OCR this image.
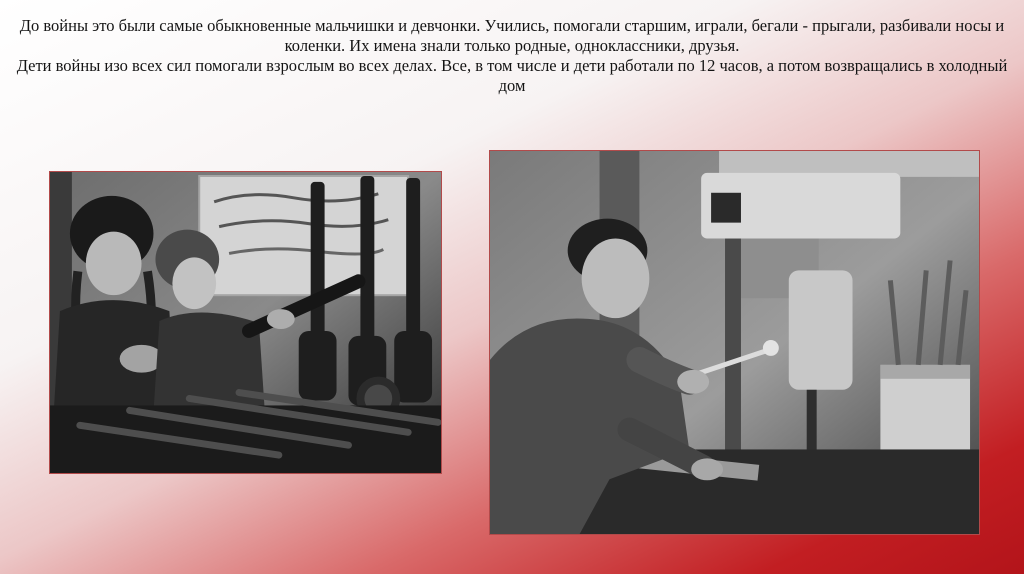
До войны это были самые обыкновенные мальчишки и девчонки. Учились, помогали старшим, играли, бегали - прыгали, разбивали носы и коленки. Их имена знали только родные, одноклассники, друзья.

Дети войны изо всех сил помогали взрослым во всех делах. Все, в том числе и дети работали по 12 часов, а потом возвращались в холодный дом
